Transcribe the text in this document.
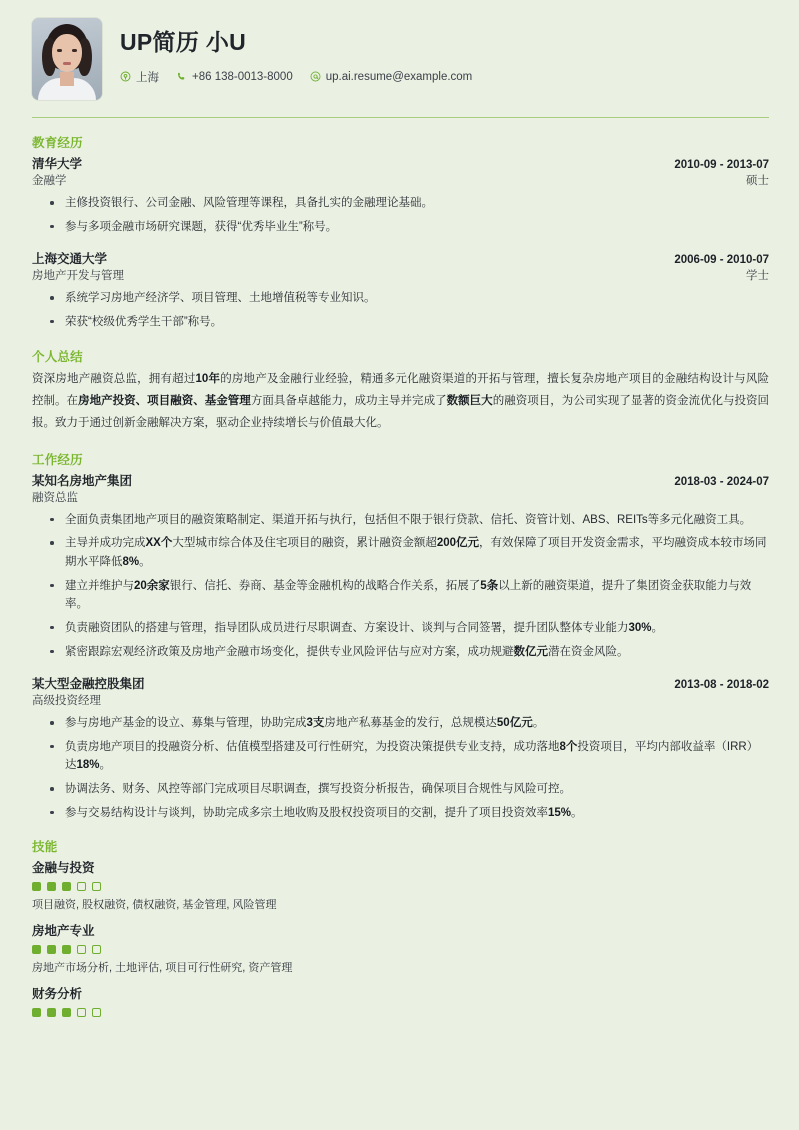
UP简历 小U
上海	+86 138-0013-8000	up.ai.resume@example.com
教育经历
清华大学	2010-09 - 2013-07
金融学	硕士
主修投资银行、公司金融、风险管理等课程，具备扎实的金融理论基础。
参与多项金融市场研究课题，获得“优秀毕业生”称号。
上海交通大学	2006-09 - 2010-07
房地产开发与管理	学士
系统学习房地产经济学、项目管理、土地增值税等专业知识。
荣获“校级优秀学生干部”称号。
个人总结

资深房地产融资总监，拥有超过10年的房地产及金融行业经验，精通多元化融资渠道的开拓与管理，擅长复杂房地产项目的金融结构设计与风险控制。在房地产投资、项目融资、基金管理方面具备卓越能力，成功主导并完成了数额巨大的融资项目，为公司实现了显著的资金流优化与投资回报。致力于通过创新金融解决方案，驱动企业持续增长与价值最大化。

工作经历
某知名房地产集团	2018-03 - 2024-07
融资总监
全面负责集团地产项目的融资策略制定、渠道开拓与执行，包括但不限于银行贷款、信托、资管计划、ABS、REITs等多元化融资工具。
主导并成功完成XX个大型城市综合体及住宅项目的融资，累计融资金额超200亿元，有效保障了项目开发资金需求，平均融资成本较市场同期水平降低8%。
建立并维护与20余家银行、信托、券商、基金等金融机构的战略合作关系，拓展了5条以上新的融资渠道，提升了集团资金获取能力与效率。
负责融资团队的搭建与管理，指导团队成员进行尽职调查、方案设计、谈判与合同签署，提升团队整体专业能力30%。
紧密跟踪宏观经济政策及房地产金融市场变化，提供专业风险评估与应对方案，成功规避数亿元潜在资金风险。
某大型金融控股集团	2013-08 - 2018-02
高级投资经理
参与房地产基金的设立、募集与管理，协助完成3支房地产私募基金的发行，总规模达50亿元。
负责房地产项目的投融资分析、估值模型搭建及可行性研究，为投资决策提供专业支持，成功落地8个投资项目，平均内部收益率（IRR）达18%。
协调法务、财务、风控等部门完成项目尽职调查，撰写投资分析报告，确保项目合规性与风险可控。
参与交易结构设计与谈判，协助完成多宗土地收购及股权投资项目的交割，提升了项目投资效率15%。
技能
金融与投资
项目融资, 股权融资, 债权融资, 基金管理, 风险管理
房地产专业
房地产市场分析, 土地评估, 项目可行性研究, 资产管理
财务分析
